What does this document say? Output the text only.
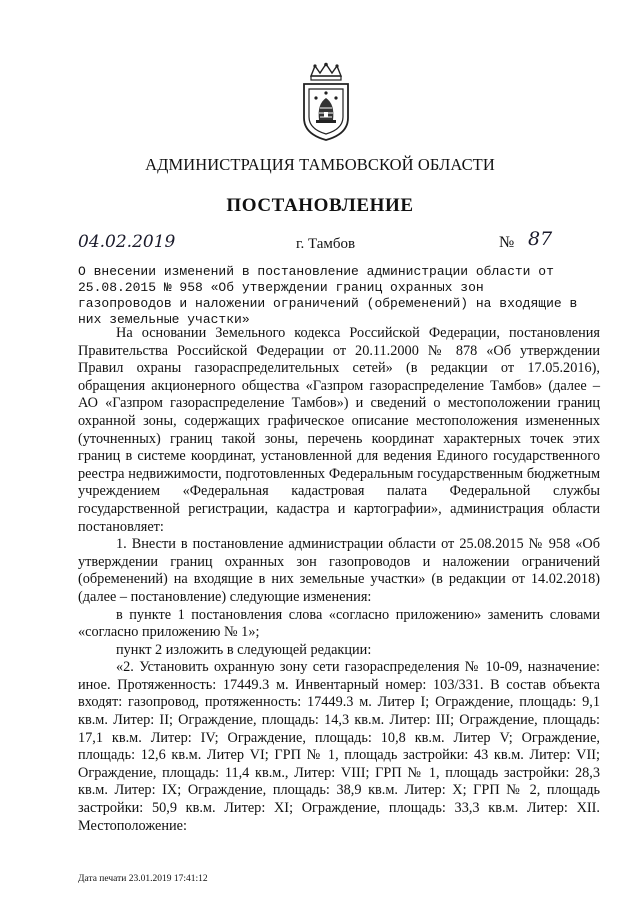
АДМИНИСТРАЦИЯ ТАМБОВСКОЙ ОБЛАСТИ
ПОСТАНОВЛЕНИЕ
04.02.2019	г. Тамбов	№ 87
О внесении изменений в постановление администрации области от 25.08.2015 № 958 «Об утверждении границ охранных зон газопроводов и наложении ограничений (обременений) на входящие в них земельные участки»

На основании Земельного кодекса Российской Федерации, постановления Правительства Российской Федерации от 20.11.2000 № 878 «Об утверждении Правил охраны газораспределительных сетей» (в редакции от 17.05.2016), обращения акционерного общества «Газпром газораспределение Тамбов» (далее – АО «Газпром газораспределение Тамбов») и сведений о местоположении границ охранной зоны, содержащих графическое описание местоположения измененных (уточненных) границ такой зоны, перечень координат характерных точек этих границ в системе координат, установленной для ведения Единого государственного реестра недвижимости, подготовленных Федеральным государственным бюджетным учреждением «Федеральная кадастровая палата Федеральной службы государственной регистрации, кадастра и картографии», администрация области постановляет:

1. Внести в постановление администрации области от 25.08.2015 № 958 «Об утверждении границ охранных зон газопроводов и наложении ограничений (обременений) на входящие в них земельные участки» (в редакции от 14.02.2018) (далее – постановление) следующие изменения:

в пункте 1 постановления слова «согласно приложению» заменить словами «согласно приложению № 1»;

пункт 2 изложить в следующей редакции:

«2. Установить охранную зону сети газораспределения № 10-09, назначение: иное. Протяженность: 17449.3 м. Инвентарный номер: 103/331. В состав объекта входят: газопровод, протяженность: 17449.3 м. Литер I; Ограждение, площадь: 9,1 кв.м. Литер: II; Ограждение, площадь: 14,3 кв.м. Литер: III; Ограждение, площадь: 17,1 кв.м. Литер: IV; Ограждение, площадь: 10,8 кв.м. Литер V; Ограждение, площадь: 12,6 кв.м. Литер VI; ГРП № 1, площадь застройки: 43 кв.м. Литер: VII; Ограждение, площадь: 11,4 кв.м., Литер: VIII; ГРП № 1, площадь застройки: 28,3 кв.м. Литер: IX; Ограждение, площадь: 38,9 кв.м. Литер: X; ГРП № 2, площадь застройки: 50,9 кв.м. Литер: XI; Ограждение, площадь: 33,3 кв.м. Литер: XII. Местоположение:

Дата печати 23.01.2019 17:41:12
